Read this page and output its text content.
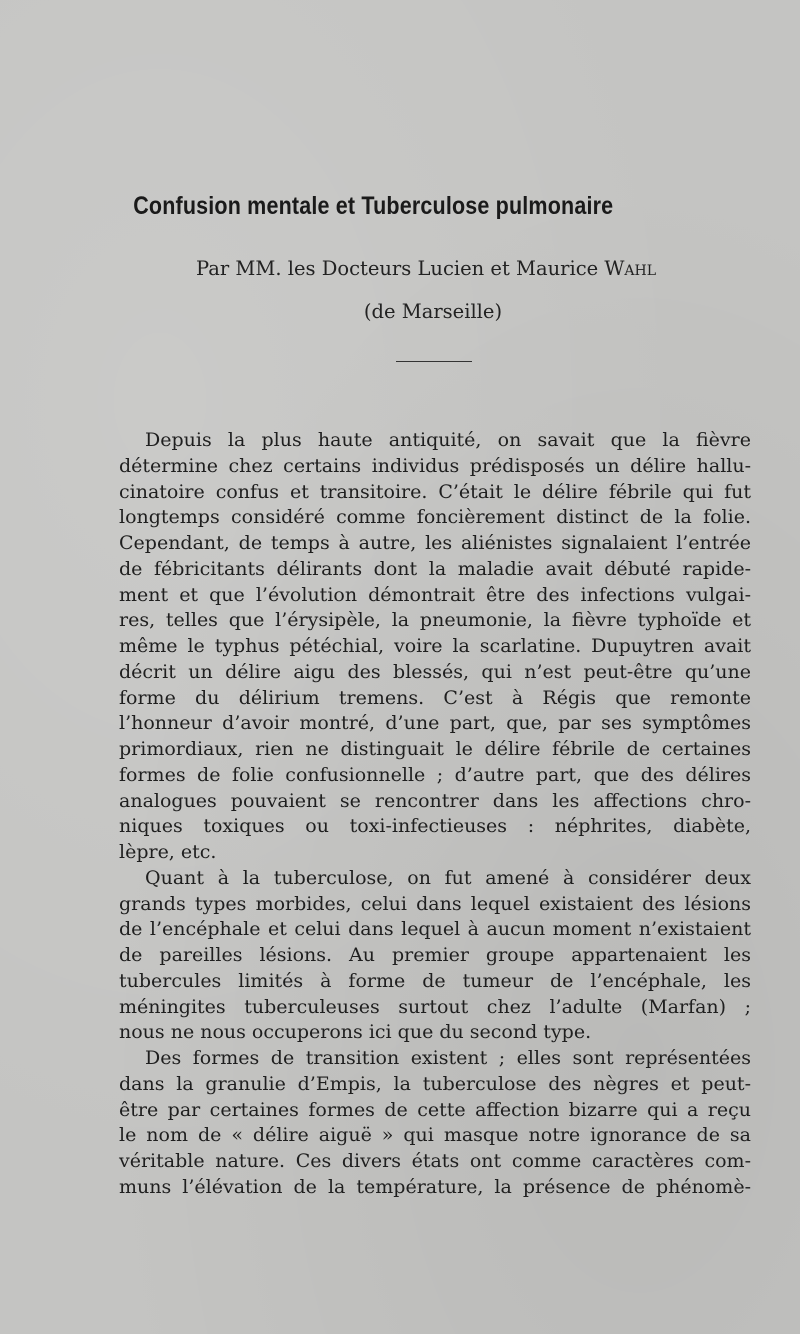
Confusion mentale et Tuberculose pulmonaire
Par MM. les Docteurs Lucien et Maurice Wahl
(de Marseille)
Depuis la plus haute antiquité, on savait que la fièvre
détermine chez certains individus prédisposés un délire hallu-
cinatoire confus et transitoire. C’était le délire fébrile qui fut
longtemps considéré comme foncièrement distinct de la folie.
Cependant, de temps à autre, les aliénistes signalaient l’entrée
de fébricitants délirants dont la maladie avait débuté rapide-
ment et que l’évolution démontrait être des infections vulgai-
res, telles que l’érysipèle, la pneumonie, la fièvre typhoïde et
même le typhus pétéchial, voire la scarlatine. Dupuytren avait
décrit un délire aigu des blessés, qui n’est peut-être qu’une
forme du délirium tremens. C’est à Régis que remonte
l’honneur d’avoir montré, d’une part, que, par ses symptômes
primordiaux, rien ne distinguait le délire fébrile de certaines
formes de folie confusionnelle ; d’autre part, que des délires
analogues pouvaient se rencontrer dans les affections chro-
niques toxiques ou toxi-infectieuses : néphrites, diabète,
lèpre, etc.
Quant à la tuberculose, on fut amené à considérer deux
grands types morbides, celui dans lequel existaient des lésions
de l’encéphale et celui dans lequel à aucun moment n’existaient
de pareilles lésions. Au premier groupe appartenaient les
tubercules limités à forme de tumeur de l’encéphale, les
méningites tuberculeuses surtout chez l’adulte (Marfan) ;
nous ne nous occuperons ici que du second type.
Des formes de transition existent ; elles sont représentées
dans la granulie d’Empis, la tuberculose des nègres et peut-
être par certaines formes de cette affection bizarre qui a reçu
le nom de « délire aiguë » qui masque notre ignorance de sa
véritable nature. Ces divers états ont comme caractères com-
muns l’élévation de la température, la présence de phénomè-
